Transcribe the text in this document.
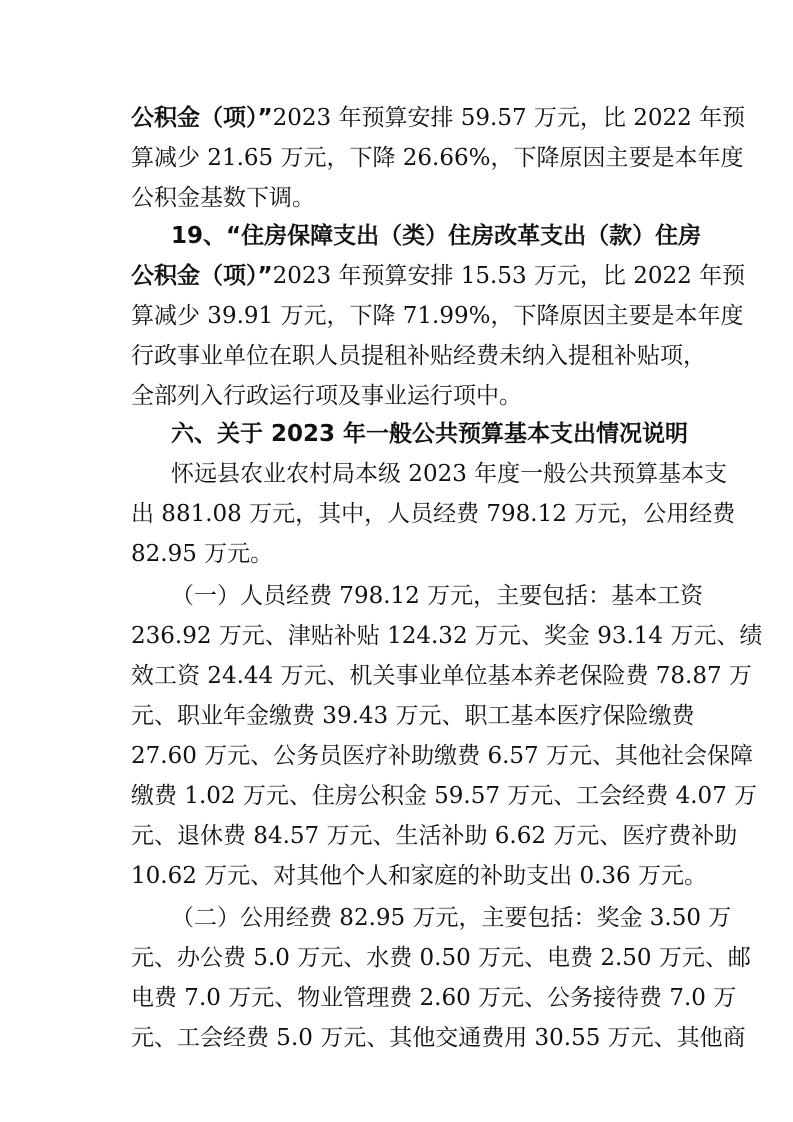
公积金（项）”2023 年预算安排 59.57 万元，比 2022 年预

算减少 21.65 万元，下降 26.66%，下降原因主要是本年度

公积金基数下调。

19、“住房保障支出（类）住房改革支出（款）住房

公积金（项）”2023 年预算安排 15.53 万元，比 2022 年预

算减少 39.91 万元，下降 71.99%，下降原因主要是本年度

行政事业单位在职人员提租补贴经费未纳入提租补贴项，

全部列入行政运行项及事业运行项中。

六、关于 2023 年一般公共预算基本支出情况说明

怀远县农业农村局本级 2023 年度一般公共预算基本支

出 881.08 万元，其中，人员经费 798.12 万元，公用经费

82.95 万元。

（一）人员经费 798.12 万元，主要包括：基本工资

236.92 万元、津贴补贴 124.32 万元、奖金 93.14 万元、绩

效工资 24.44 万元、机关事业单位基本养老保险费 78.87 万

元、职业年金缴费 39.43 万元、职工基本医疗保险缴费

27.60 万元、公务员医疗补助缴费 6.57 万元、其他社会保障

缴费 1.02 万元、住房公积金 59.57 万元、工会经费 4.07 万

元、退休费 84.57 万元、生活补助 6.62 万元、医疗费补助

10.62 万元、对其他个人和家庭的补助支出 0.36 万元。

（二）公用经费 82.95 万元，主要包括：奖金 3.50 万

元、办公费 5.0 万元、水费 0.50 万元、电费 2.50 万元、邮

电费 7.0 万元、物业管理费 2.60 万元、公务接待费 7.0 万

元、工会经费 5.0 万元、其他交通费用 30.55 万元、其他商
